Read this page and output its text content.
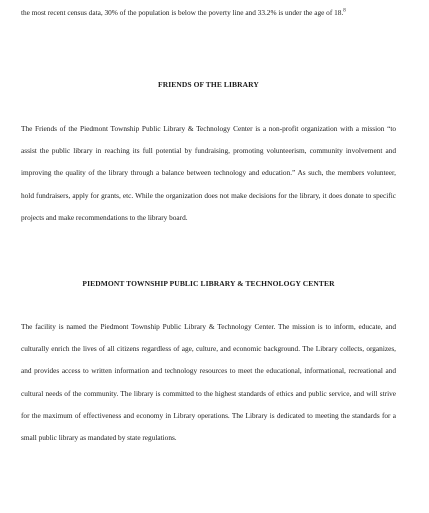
the most recent census data, 30% of the population is below the poverty line and 33.2% is under the age of 18.$^8$

FRIENDS OF THE LIBRARY

The Friends of the Piedmont Township Public Library & Technology Center is a non-profit organization with a mission “to assist the public library in reaching its full potential by fundraising, promoting volunteerism, community involvement and improving the quality of the library through a balance between technology and education.” As such, the members volunteer, hold fundraisers, apply for grants, etc. While the organization does not make decisions for the library, it does donate to specific projects and make recommendations to the library board.

PIEDMONT TOWNSHIP PUBLIC LIBRARY & TECHNOLOGY CENTER

The facility is named the Piedmont Township Public Library & Technology Center. The mission is to inform, educate, and culturally enrich the lives of all citizens regardless of age, culture, and economic background. The Library collects, organizes, and provides access to written information and technology resources to meet the educational, informational, recreational and cultural needs of the community. The library is committed to the highest standards of ethics and public service, and will strive for the maximum of effectiveness and economy in Library operations. The Library is dedicated to meeting the standards for a small public library as mandated by state regulations.
